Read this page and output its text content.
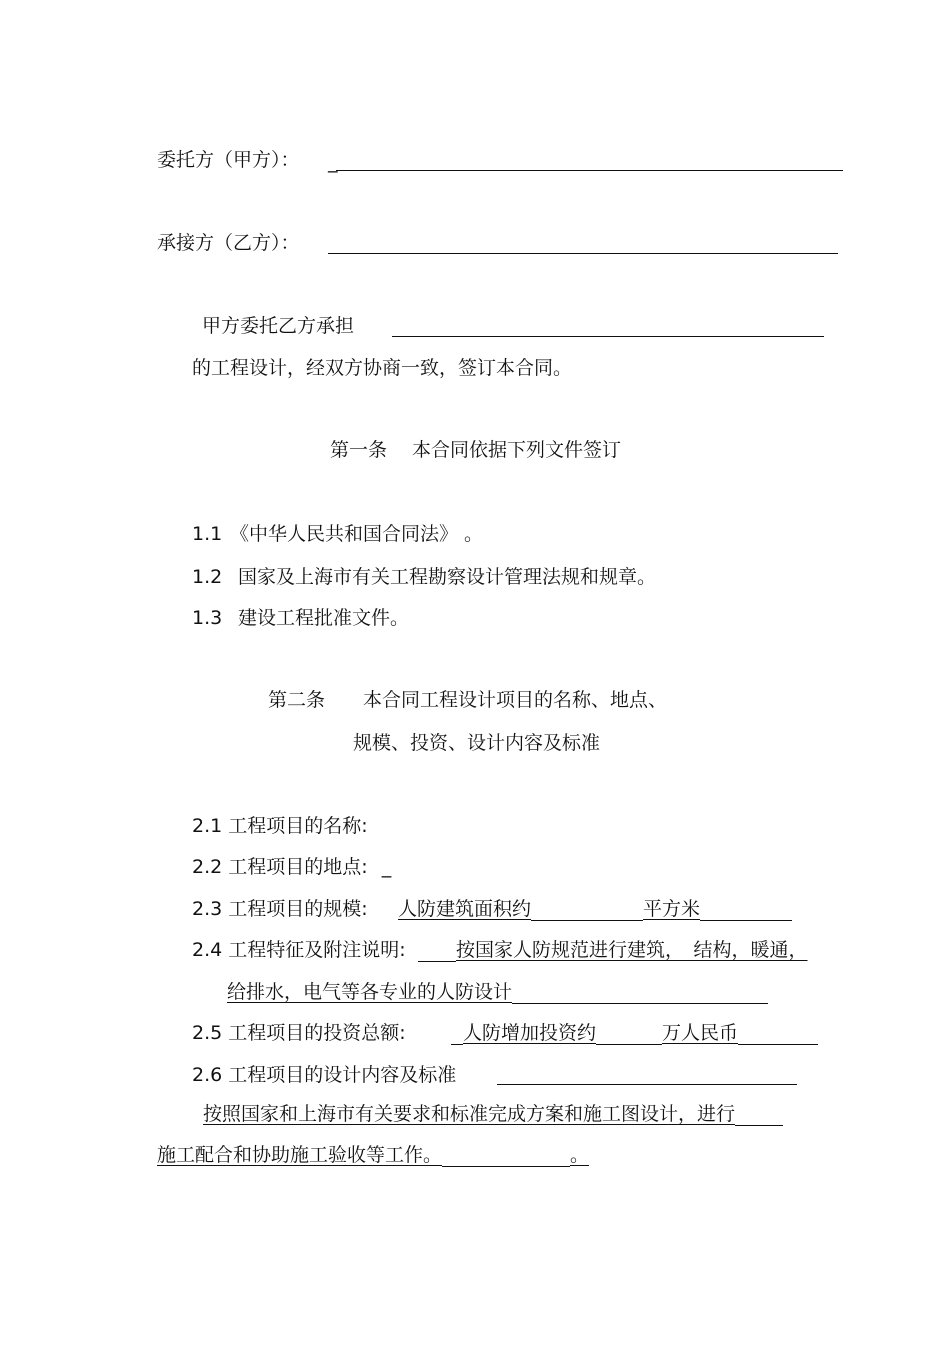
委托方（甲方）： _
承接方（乙方）：
甲方委托乙方承担
的工程设计，经双方协商一致，签订本合同。
第一条　 本合同依据下列文件签订
1.1 《中华人民共和国合同法》 。
1.2 国家及上海市有关工程勘察设计管理法规和规章。
1.3 建设工程批准文件。
第二条　　本合同工程设计项目的名称、地点、
规模、投资、设计内容及标准
2.1 工程项目的名称:
2.2 工程项目的地点: _
2.3 工程项目的规模: 人防建筑面积约	平方米
2.4 工程特征及附注说明:	按国家人防规范进行建筑，　结构，暖通，
给排水，电气等各专业的人防设计
2.5 工程项目的投资总额:	人防增加投资约	万人民币
2.6 工程项目的设计内容及标准
按照国家和上海市有关要求和标准完成方案和施工图设计，进行
施工配合和协助施工验收等工作。	。
